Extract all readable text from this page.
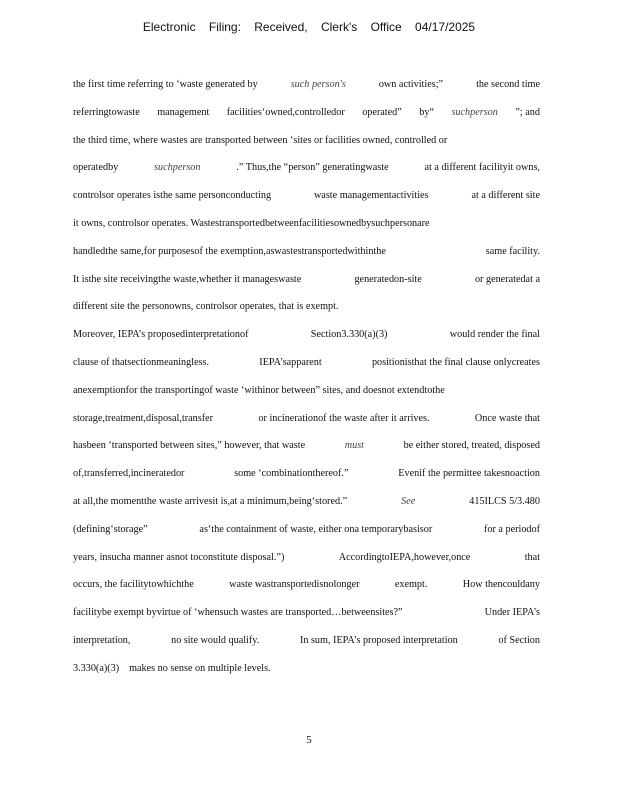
Electronic Filing: Received, Clerk's Office 04/17/2025
the first time referring to ‘waste generated by	such person's	own activities;”	the second time
referringtowaste management facilities‘owned,controlledor operated” by“ suchperson ”; and
the third time, where wastes are transported between ‘sites or facilities owned, controlled or
operatedby	suchperson	.” Thus,the “person” generatingwaste	at a different facilityit owns,
controlsor operates isthe same personconducting	waste managementactivities	at a different site
it owns, controlsor operates. Wastestransportedbetweenfacilitiesownedbysuchpersonare
handledthe same,for purposesof the exemption,aswastestransportedwithinthe	same facility.
It isthe site receivingthe waste,whether it manageswaste	generatedon-site	or generatedat a
different site the personowns, controlsor operates, that is exempt.
Moreover, IEPA’s proposedinterpretationof	Section3.330(a)(3)	would render the final
clause of thatsectionmeaningless.	IEPA’sapparent	positionisthat the final clause onlycreates
anexemptionfor the transportingof waste ‘withinor between” sites, and doesnot extendtothe
storage,treatment,disposal,transfer	or incinerationof the waste after it arrives.	Once waste that
hasbeen ‘transported between sites,” however, that waste	must	be either stored, treated, disposed
of,transferred,incineratedor	some ‘combinationthereof.”	Evenif the permittee takesnoaction
at all,the momentthe waste arrivesit is,at a minimum,being‘stored.”	See	415ILCS 5/3.480
(defining‘storage”	as‘the containment of waste, either ona temporarybasisor	for a periodof
years, insucha manner asnot toconstitute disposal.”)	AccordingtoIEPA,however,once	that
occurs, the facilitytowhichthe	waste wastransportedisnolonger	exempt.	How thencouldany
facilitybe exempt byvirtue of ‘whensuch wastes are transported…betweensites?”	Under IEPA’s
interpretation,	no site would qualify.	In sum, IEPA’s proposed interpretation	of Section
3.330(a)(3) makes no sense on multiple levels.
5
